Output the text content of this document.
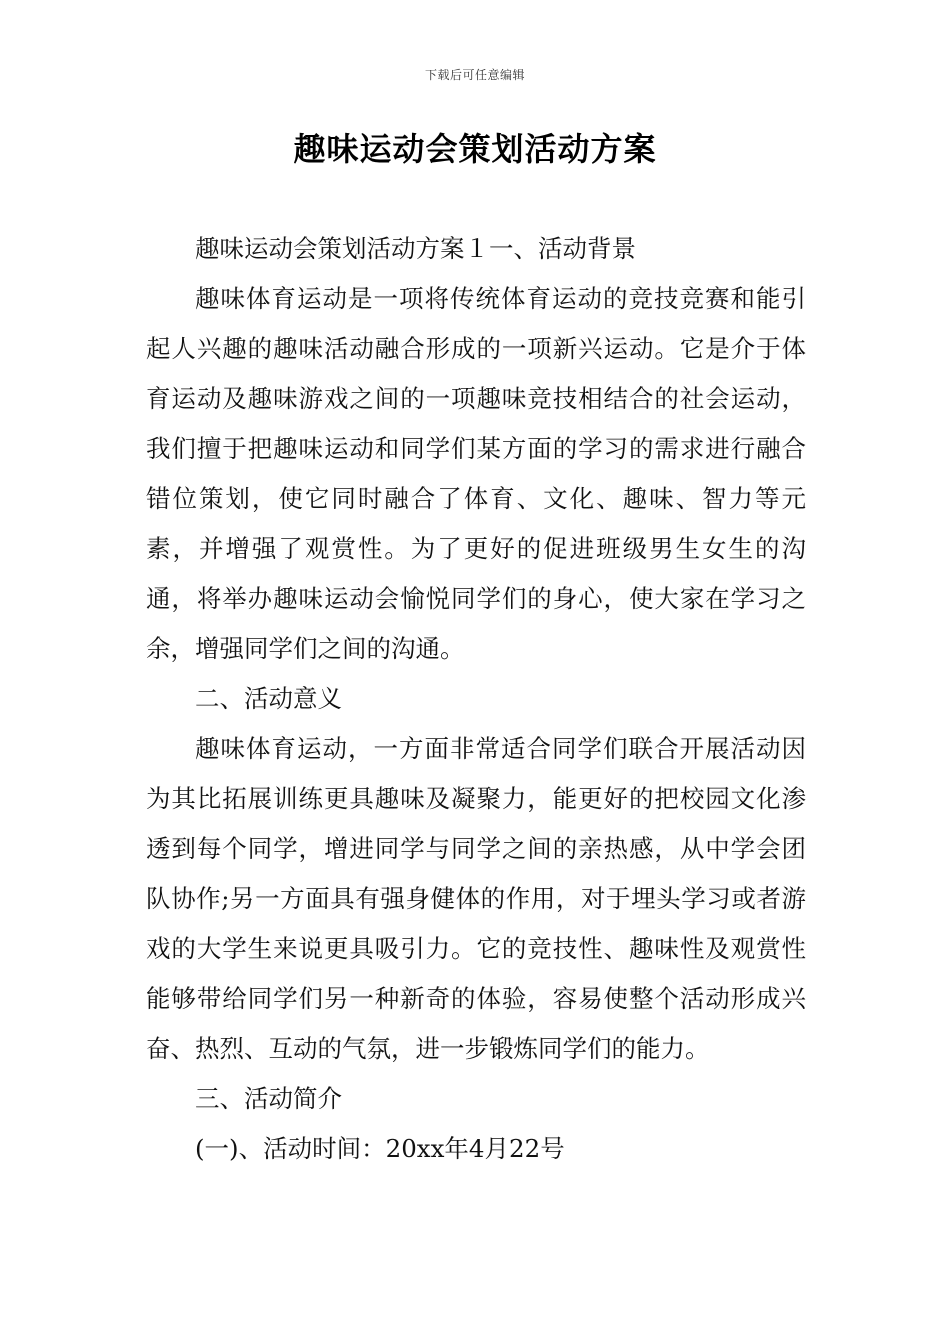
下载后可任意编辑
趣味运动会策划活动方案

趣味运动会策划活动方案１一、活动背景

趣味体育运动是一项将传统体育运动的竞技竞赛和能引起人兴趣的趣味活动融合形成的一项新兴运动。它是介于体育运动及趣味游戏之间的一项趣味竞技相结合的社会运动，我们擅于把趣味运动和同学们某方面的学习的需求进行融合错位策划，使它同时融合了体育、文化、趣味、智力等元素，并增强了观赏性。为了更好的促进班级男生女生的沟通，将举办趣味运动会愉悦同学们的身心，使大家在学习之余，增强同学们之间的沟通。

二、活动意义

趣味体育运动，一方面非常适合同学们联合开展活动因为其比拓展训练更具趣味及凝聚力，能更好的把校园文化渗透到每个同学，增进同学与同学之间的亲热感，从中学会团队协作;另一方面具有强身健体的作用，对于埋头学习或者游戏的大学生来说更具吸引力。它的竞技性、趣味性及观赏性能够带给同学们另一种新奇的体验，容易使整个活动形成兴奋、热烈、互动的气氛，进一步锻炼同学们的能力。

三、活动简介

(一)、活动时间：20xx年4月22号
